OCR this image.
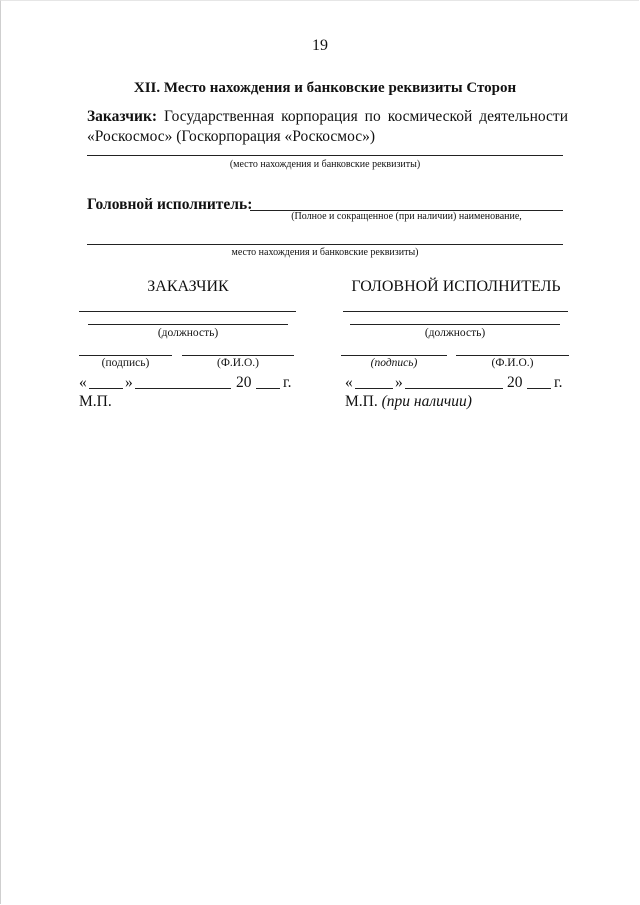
19
XII. Место нахождения и банковские реквизиты Сторон
Заказчик: Государственная корпорация по космической деятельности
«Роскосмос» (Госкорпорация «Роскосмос»)
(место нахождения и банковские реквизиты)
Головной исполнитель:
(Полное и сокращенное (при наличии) наименование,
место нахождения и банковские реквизиты)
ЗАКАЗЧИК
(должность)
(подпись)	(Ф.И.О.)
« »	20 г.
М.П.
ГОЛОВНОЙ ИСПОЛНИТЕЛЬ
(должность)
(подпись)	(Ф.И.О.)
«	»	20 г.
М.П. (при наличии)
